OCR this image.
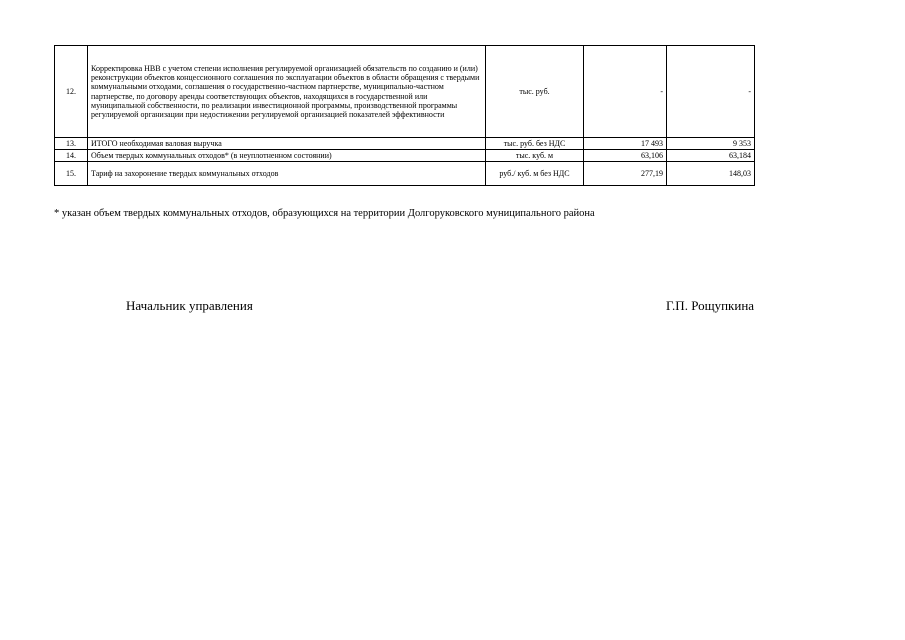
12.	Корректировка НВВ с учетом степени исполнения регулируемой организацией обязательств по созданию и (или) реконструкции объектов концессионного соглашения по эксплуатации объектов в области обращения с твердыми коммунальными отходами, соглашения о государственно-частном партнерстве, муниципально-частном партнерстве, по договору аренды соответствующих объектов, находящихся в государственной или муниципальной собственности, по реализации инвестиционной программы, производственной программы регулируемой организации при недостижении регулируемой организацией показателей эффективности	тыс. руб.	-	-
13.	ИТОГО необходимая валовая выручка	тыс. руб. без НДС	17 493	9 353
14.	Объем твердых коммунальных отходов* (в неуплотненном состоянии)	тыс. куб. м	63,106	63,184
15.	Тариф на захоронение твердых коммунальных отходов	руб./ куб. м без НДС	277,19	148,03
* указан объем твердых коммунальных отходов, образующихся на территории Долгоруковского муниципального района
Начальник управления	Г.П. Рощупкина
